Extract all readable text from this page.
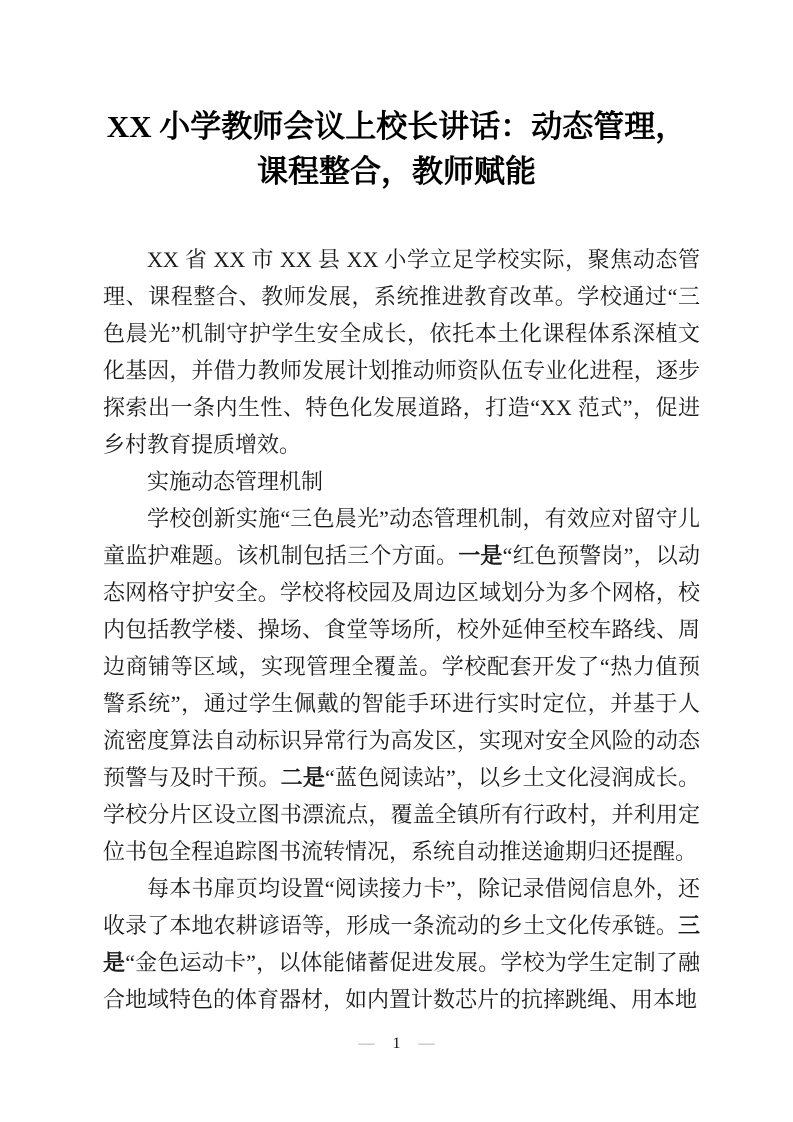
XX 小学教师会议上校长讲话：动态管理，
课程整合，教师赋能

XX 省 XX 市 XX 县 XX 小学立足学校实际，聚焦动态管理、课程整合、教师发展，系统推进教育改革。学校通过“三色晨光”机制守护学生安全成长，依托本土化课程体系深植文化基因，并借力教师发展计划推动师资队伍专业化进程，逐步探索出一条内生性、特色化发展道路，打造“XX 范式”，促进乡村教育提质增效。

实施动态管理机制

学校创新实施“三色晨光”动态管理机制，有效应对留守儿童监护难题。该机制包括三个方面。一是“红色预警岗”，以动态网格守护安全。学校将校园及周边区域划分为多个网格，校内包括教学楼、操场、食堂等场所，校外延伸至校车路线、周边商铺等区域，实现管理全覆盖。学校配套开发了“热力值预警系统”，通过学生佩戴的智能手环进行实时定位，并基于人流密度算法自动标识异常行为高发区，实现对安全风险的动态预警与及时干预。二是“蓝色阅读站”，以乡土文化浸润成长。学校分片区设立图书漂流点，覆盖全镇所有行政村，并利用定位书包全程追踪图书流转情况，系统自动推送逾期归还提醒。

每本书扉页均设置“阅读接力卡”，除记录借阅信息外，还收录了本地农耕谚语等，形成一条流动的乡土文化传承链。三是“金色运动卡”，以体能储蓄促进发展。学校为学生定制了融合地域特色的体育器材，如内置计数芯片的抗摔跳绳、用本地

— 1 —
